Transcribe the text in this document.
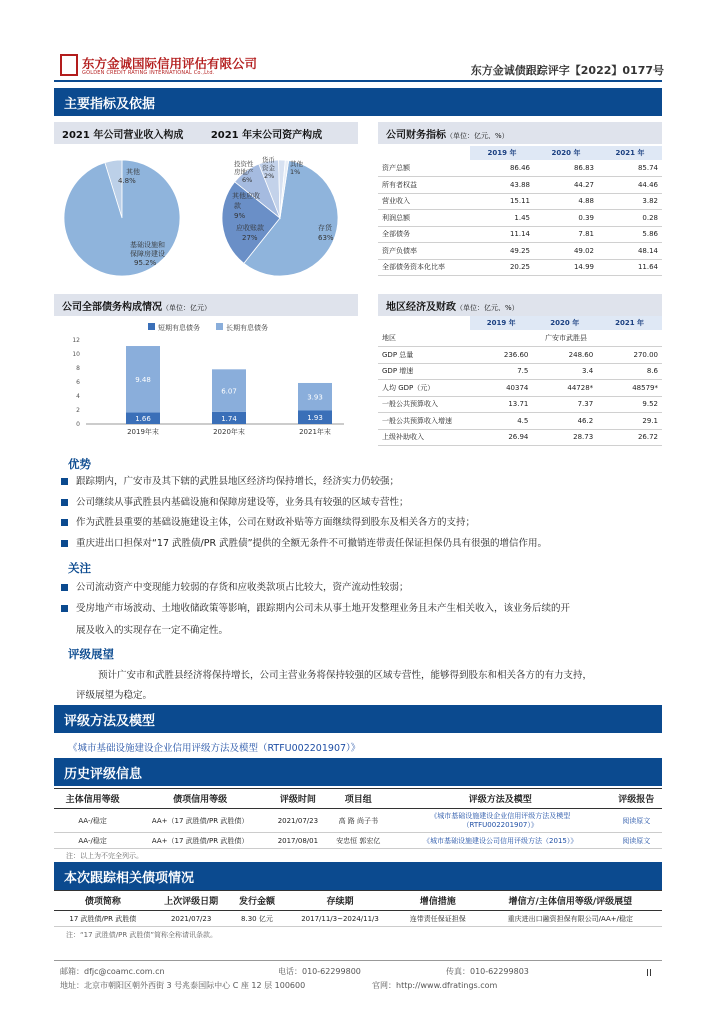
东方金诚国际信用评估有限公司
GOLDEN CREDIT RATING INTERNATIONAL Co.,Ltd.	东方金诚债跟踪评字【2022】0177号
主要指标及依据
2021 年公司营业收入构成	2021 年末公司资产构成
其他
4.8%
基础设施和
保障房建设
95.2%
投资性房地产 6%
货币资金 2%
其他 1%
存货 63%
应收账款 27%
其他应收款 9%
公司财务指标（单位：亿元、%）
	2019 年	2020 年	2021 年
资产总额	86.46	86.83	85.74
所有者权益	43.88	44.27	44.46
营业收入	15.11	4.88	3.82
利润总额	1.45	0.39	0.28
全部债务	11.14	7.81	5.86
资产负债率	49.25	49.02	48.14
全部债务资本化比率	20.25	14.99	11.64
公司全部债务构成情况（单位：亿元）
短期有息债务	长期有息债务
0
2
4
6
8
10
12
1.66
9.48
2019年末
1.74
6.07
2020年末
1.93
3.93
2021年末
地区经济及财政（单位：亿元、%）
	2019 年	2020 年	2021 年
地区	广安市武胜县		
GDP 总量	236.60	248.60	270.00
GDP 增速	7.5	3.4	8.6
人均 GDP（元）	40374	44728*	48579*
一般公共预算收入	13.71	7.37	9.52
一般公共预算收入增速	4.5	46.2	29.1
上级补助收入	26.94	28.73	26.72
优势
跟踪期内，广安市及其下辖的武胜县地区经济均保持增长，经济实力仍较强；
公司继续从事武胜县内基础设施和保障房建设等，业务具有较强的区域专营性；
作为武胜县重要的基础设施建设主体，公司在财政补贴等方面继续得到股东及相关各方的支持；
重庆进出口担保对“17 武胜债/PR 武胜债”提供的全额无条件不可撤销连带责任保证担保仍具有很强的增信作用。
关注
公司流动资产中变现能力较弱的存货和应收类款项占比较大，资产流动性较弱；
受房地产市场波动、土地收储政策等影响，跟踪期内公司未从事土地开发整理业务且未产生相关收入，该业务后续的开
展及收入的实现存在一定不确定性。
评级展望
预计广安市和武胜县经济将保持增长，公司主营业务将保持较强的区域专营性，能够得到股东和相关各方的有力支持，
评级展望为稳定。
评级方法及模型
《城市基础设施建设企业信用评级方法及模型（RTFU002201907）》
历史评级信息
主体信用等级	债项信用等级	评级时间	项目组	评级方法及模型	评级报告
AA-/稳定	AA+（17 武胜债/PR 武胜债）	2021/07/23	高 路 尚子书	《城市基础设施建设企业信用评级方法及模型
（RTFU002201907）》	阅读原文
AA-/稳定	AA+（17 武胜债/PR 武胜债）	2017/08/01	安忠恒 郭宏亿	《城市基础设施建设公司信用评级方法（2015）》	阅读原文
注：以上为不完全列示。
本次跟踪相关债项情况
债项简称	上次评级日期	发行金额	存续期	增信措施	增信方/主体信用等级/评级展望
17 武胜债/PR 武胜债	2021/07/23	8.30 亿元	2017/11/3~2024/11/3	连带责任保证担保	重庆进出口融资担保有限公司/AA+/稳定
注：“17 武胜债/PR 武胜债”简称全称请讯条款。
邮箱：dfjc@coamc.com.cn	电话：010-62299800	传真：010-62299803
地址：北京市朝阳区朝外西街 3 号兆泰国际中心 C 座 12 层 100600	官网：http://www.dfratings.com
II
